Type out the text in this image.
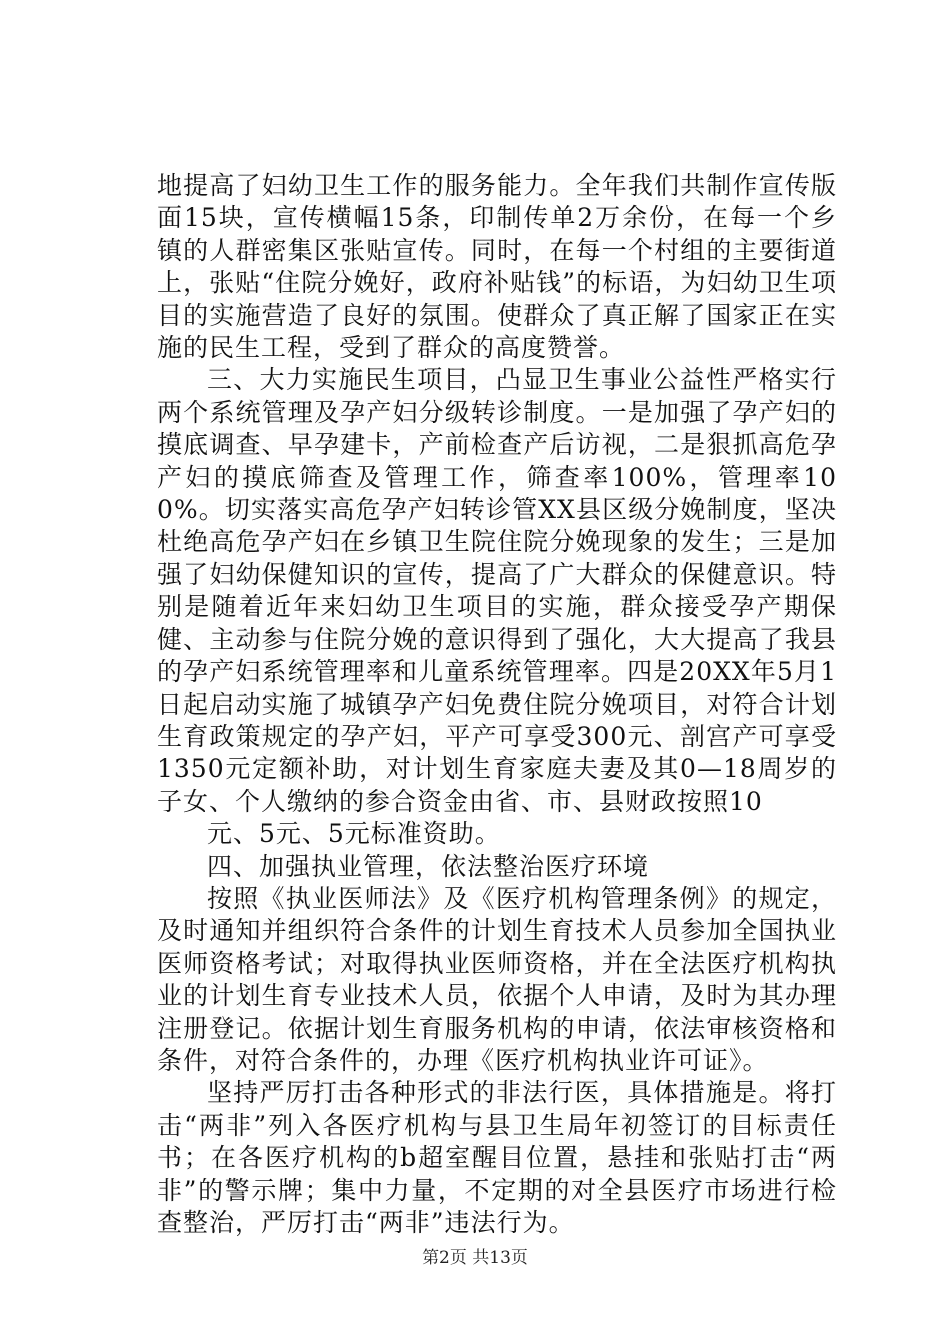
地提高了妇幼卫生工作的服务能力。全年我们共制作宣传版面15块，宣传横幅15条，印制传单2万余份，在每一个乡镇的人群密集区张贴宣传。同时，在每一个村组的主要街道上，张贴“住院分娩好，政府补贴钱”的标语，为妇幼卫生项目的实施营造了良好的氛围。使群众了真正解了国家正在实施的民生工程，受到了群众的高度赞誉。

三、大力实施民生项目，凸显卫生事业公益性严格实行两个系统管理及孕产妇分级转诊制度。一是加强了孕产妇的摸底调查、早孕建卡，产前检查产后访视，二是狠抓高危孕产妇的摸底筛查及管理工作，筛查率100%，管理率100%。切实落实高危孕产妇转诊管XX县区级分娩制度，坚决杜绝高危孕产妇在乡镇卫生院住院分娩现象的发生；三是加强了妇幼保健知识的宣传，提高了广大群众的保健意识。特别是随着近年来妇幼卫生项目的实施，群众接受孕产期保健、主动参与住院分娩的意识得到了强化，大大提高了我县的孕产妇系统管理率和儿童系统管理率。四是20XX年5月1日起启动实施了城镇孕产妇免费住院分娩项目，对符合计划生育政策规定的孕产妇，平产可享受300元、剖宫产可享受1350元定额补助，对计划生育家庭夫妻及其0—18周岁的子女、个人缴纳的参合资金由省、市、县财政按照10

元、5元、5元标准资助。

四、加强执业管理，依法整治医疗环境

按照《执业医师法》及《医疗机构管理条例》的规定，及时通知并组织符合条件的计划生育技术人员参加全国执业医师资格考试；对取得执业医师资格，并在全法医疗机构执业的计划生育专业技术人员，依据个人申请，及时为其办理注册登记。依据计划生育服务机构的申请，依法审核资格和条件，对符合条件的，办理《医疗机构执业许可证》。

坚持严厉打击各种形式的非法行医，具体措施是。将打击“两非”列入各医疗机构与县卫生局年初签订的目标责任书；在各医疗机构的b超室醒目位置，悬挂和张贴打击“两非”的警示牌；集中力量，不定期的对全县医疗市场进行检查整治，严厉打击“两非”违法行为。

第2页 共13页
